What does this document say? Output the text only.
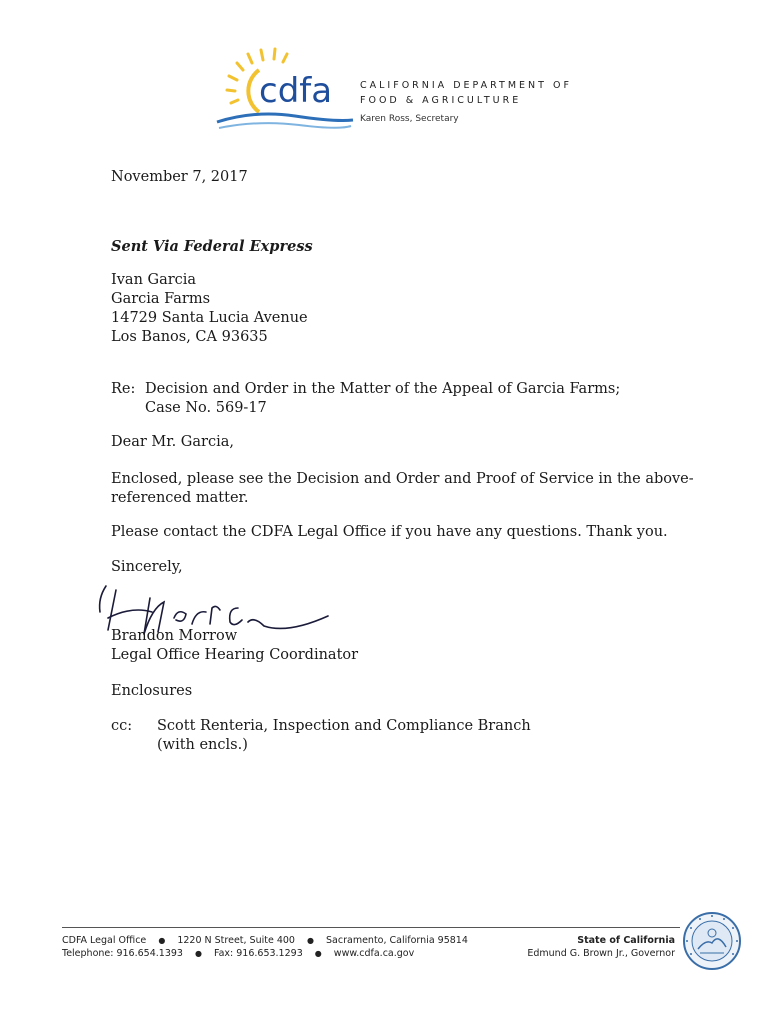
cdfa	CALIFORNIA DEPARTMENT OF
FOOD & AGRICULTURE
Karen Ross, Secretary
November 7, 2017
Sent Via Federal Express
Ivan Garcia
Garcia Farms
14729 Santa Lucia Avenue
Los Banos, CA 93635
Re: Decision and Order in the Matter of the Appeal of Garcia Farms;
Case No. 569-17
Dear Mr. Garcia,
Enclosed, please see the Decision and Order and Proof of Service in the above-
referenced matter.
Please contact the CDFA Legal Office if you have any questions. Thank you.
Sincerely,
Brandon Morrow
Legal Office Hearing Coordinator
Enclosures
cc: Scott Renteria, Inspection and Compliance Branch
(with encls.)
CDFA Legal Office ● 1220 N Street, Suite 400 ● Sacramento, California 95814
Telephone: 916.654.1393 ● Fax: 916.653.1293 ● www.cdfa.ca.gov
State of California
Edmund G. Brown Jr., Governor
